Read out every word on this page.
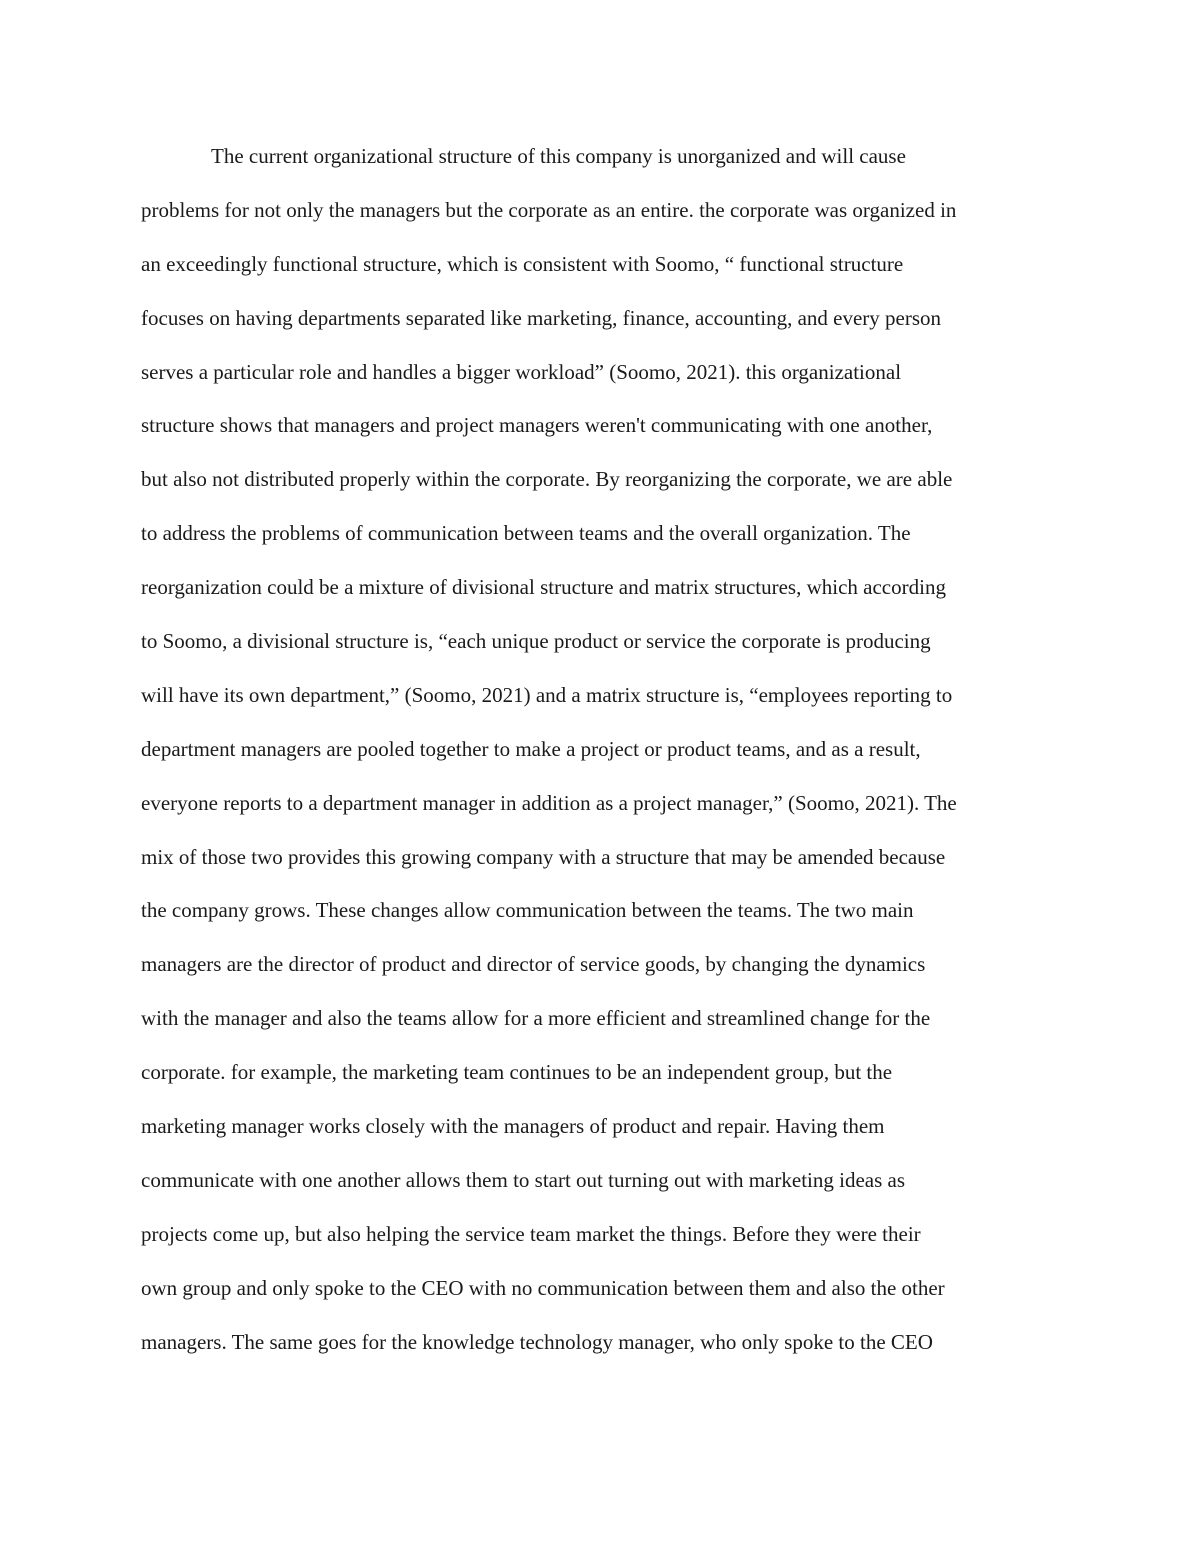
The current organizational structure of this company is unorganized and will cause
problems for not only the managers but the corporate as an entire. the corporate was organized in
an exceedingly functional structure, which is consistent with Soomo, “ functional structure
focuses on having departments separated like marketing, finance, accounting, and every person
serves a particular role and handles a bigger workload” (Soomo, 2021). this organizational
structure shows that managers and project managers weren't communicating with one another,
but also not distributed properly within the corporate. By reorganizing the corporate, we are able
to address the problems of communication between teams and the overall organization. The
reorganization could be a mixture of divisional structure and matrix structures, which according
to Soomo, a divisional structure is, “each unique product or service the corporate is producing
will have its own department,” (Soomo, 2021) and a matrix structure is, “employees reporting to
department managers are pooled together to make a project or product teams, and as a result,
everyone reports to a department manager in addition as a project manager,” (Soomo, 2021). The
mix of those two provides this growing company with a structure that may be amended because
the company grows. These changes allow communication between the teams. The two main
managers are the director of product and director of service goods, by changing the dynamics
with the manager and also the teams allow for a more efficient and streamlined change for the
corporate. for example, the marketing team continues to be an independent group, but the
marketing manager works closely with the managers of product and repair. Having them
communicate with one another allows them to start out turning out with marketing ideas as
projects come up, but also helping the service team market the things. Before they were their
own group and only spoke to the CEO with no communication between them and also the other
managers. The same goes for the knowledge technology manager, who only spoke to the CEO
